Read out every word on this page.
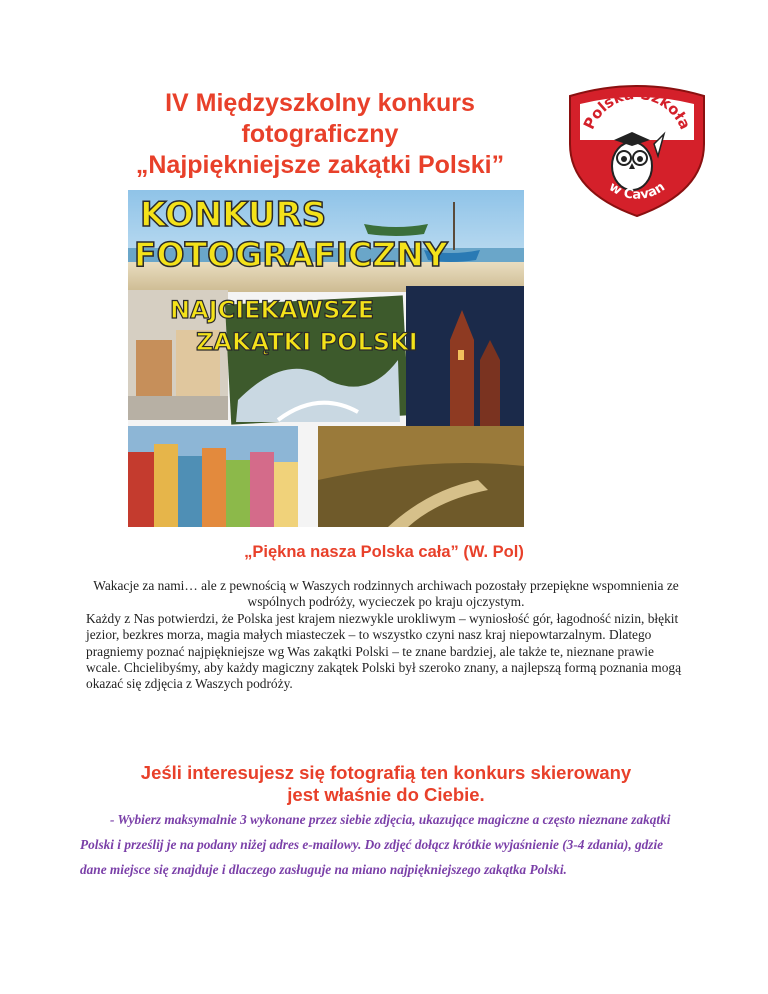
IV Międzyszkolny konkurs
fotograficzny
„Najpiękniejsze zakątki Polski”
Polska Szkoła
w Cavan
KONKURS
FOTOGRAFICZNY
NAJCIEKAWSZE
ZAKĄTKI POLSKI
„Piękna nasza Polska cała” (W. Pol)

Wakacje za nami… ale z pewnością w Waszych rodzinnych archiwach pozostały przepiękne wspomnienia ze wspólnych podróży, wycieczek po kraju ojczystym.

Każdy z Nas potwierdzi, że Polska jest krajem niezwykle urokliwym – wyniosłość gór, łagodność nizin, błękit jezior, bezkres morza, magia małych miasteczek – to wszystko czyni nasz kraj niepowtarzalnym. Dlatego pragniemy poznać najpiękniejsze wg Was zakątki Polski – te znane bardziej, ale także te, nieznane prawie wcale. Chcielibyśmy, aby każdy magiczny zakątek Polski był szeroko znany, a najlepszą formą poznania mogą okazać się zdjęcia z Waszych podróży.

Jeśli interesujesz się fotografią ten konkurs skierowany
jest właśnie do Ciebie.
- Wybierz maksymalnie 3 wykonane przez siebie zdjęcia, ukazujące magiczne a często nieznane zakątki Polski i prześlij je na podany niżej adres e-mailowy. Do zdjęć dołącz krótkie wyjaśnienie (3-4 zdania), gdzie dane miejsce się znajduje i dlaczego zasługuje na miano najpiękniejszego zakątka Polski.
